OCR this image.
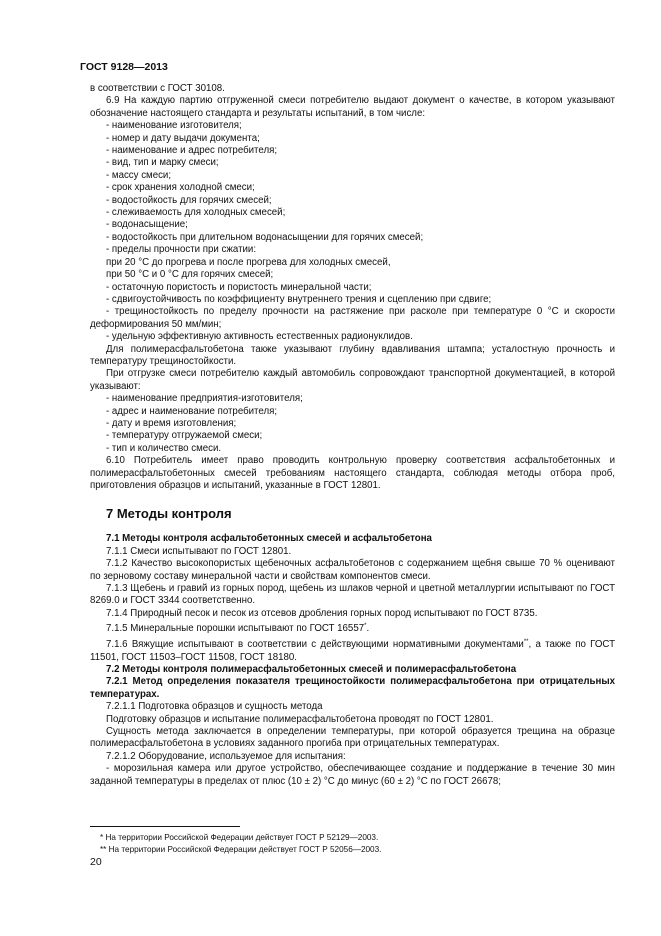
ГОСТ 9128—2013

в соответствии с ГОСТ 30108.

6.9 На каждую партию отгруженной смеси потребителю выдают документ о качестве, в котором указывают обозначение настоящего стандарта и результаты испытаний, в том числе:

- наименование изготовителя;

- номер и дату выдачи документа;

- наименование и адрес потребителя;

- вид, тип и марку смеси;

- массу смеси;

- срок хранения холодной смеси;

- водостойкость для горячих смесей;

- слеживаемость для холодных смесей;

- водонасыщение;

- водостойкость при длительном водонасыщении для горячих смесей;

- пределы прочности при сжатии:

при 20 °С до прогрева и после прогрева для холодных смесей,

при 50 °С и 0 °С для горячих смесей;

- остаточную пористость и пористость минеральной части;

- сдвигоустойчивость по коэффициенту внутреннего трения и сцеплению при сдвиге;

- трещиностойкость по пределу прочности на растяжение при расколе при температуре 0 °С и скорости деформирования 50 мм/мин;

- удельную эффективную активность естественных радионуклидов.

Для полимерасфальтобетона также указывают глубину вдавливания штампа; усталостную прочность и температуру трещиностойкости.

При отгрузке смеси потребителю каждый автомобиль сопровождают транспортной документацией, в которой указывают:

- наименование предприятия-изготовителя;

- адрес и наименование потребителя;

- дату и время изготовления;

- температуру отгружаемой смеси;

- тип и количество смеси.

6.10 Потребитель имеет право проводить контрольную проверку соответствия асфальтобетонных и полимерасфальтобетонных смесей требованиям настоящего стандарта, соблюдая методы отбора проб, приготовления образцов и испытаний, указанные в ГОСТ 12801.

7 Методы контроля

7.1 Методы контроля асфальтобетонных смесей и асфальтобетона

7.1.1 Смеси испытывают по ГОСТ 12801.

7.1.2 Качество высокопористых щебеночных асфальтобетонов с содержанием щебня свыше 70 % оценивают по зерновому составу минеральной части и свойствам компонентов смеси.

7.1.3 Щебень и гравий из горных пород, щебень из шлаков черной и цветной металлургии испытывают по ГОСТ 8269.0 и ГОСТ 3344 соответственно.

7.1.4 Природный песок и песок из отсевов дробления горных пород испытывают по ГОСТ 8735.

7.1.5 Минеральные порошки испытывают по ГОСТ 16557*.

7.1.6 Вяжущие испытывают в соответствии с действующими нормативными документами**, а также по ГОСТ 11501, ГОСТ 11503–ГОСТ 11508, ГОСТ 18180.

7.2 Методы контроля полимерасфальтобетонных смесей и полимерасфальтобетона

7.2.1 Метод определения показателя трещиностойкости полимерасфальтобетона при отрицательных температурах.

7.2.1.1 Подготовка образцов и сущность метода

Подготовку образцов и испытание полимерасфальтобетона проводят по ГОСТ 12801.

Сущность метода заключается в определении температуры, при которой образуется трещина на образце полимерасфальтобетона в условиях заданного прогиба при отрицательных температурах.

7.2.1.2 Оборудование, используемое для испытания:

- морозильная камера или другое устройство, обеспечивающее создание и поддержание в течение 30 мин заданной температуры в пределах от плюс (10 ± 2) °С до минус (60 ± 2) °С по ГОСТ 26678;

* На территории Российской Федерации действует ГОСТ Р 52129—2003.
** На территории Российской Федерации действует ГОСТ Р 52056—2003.
20
